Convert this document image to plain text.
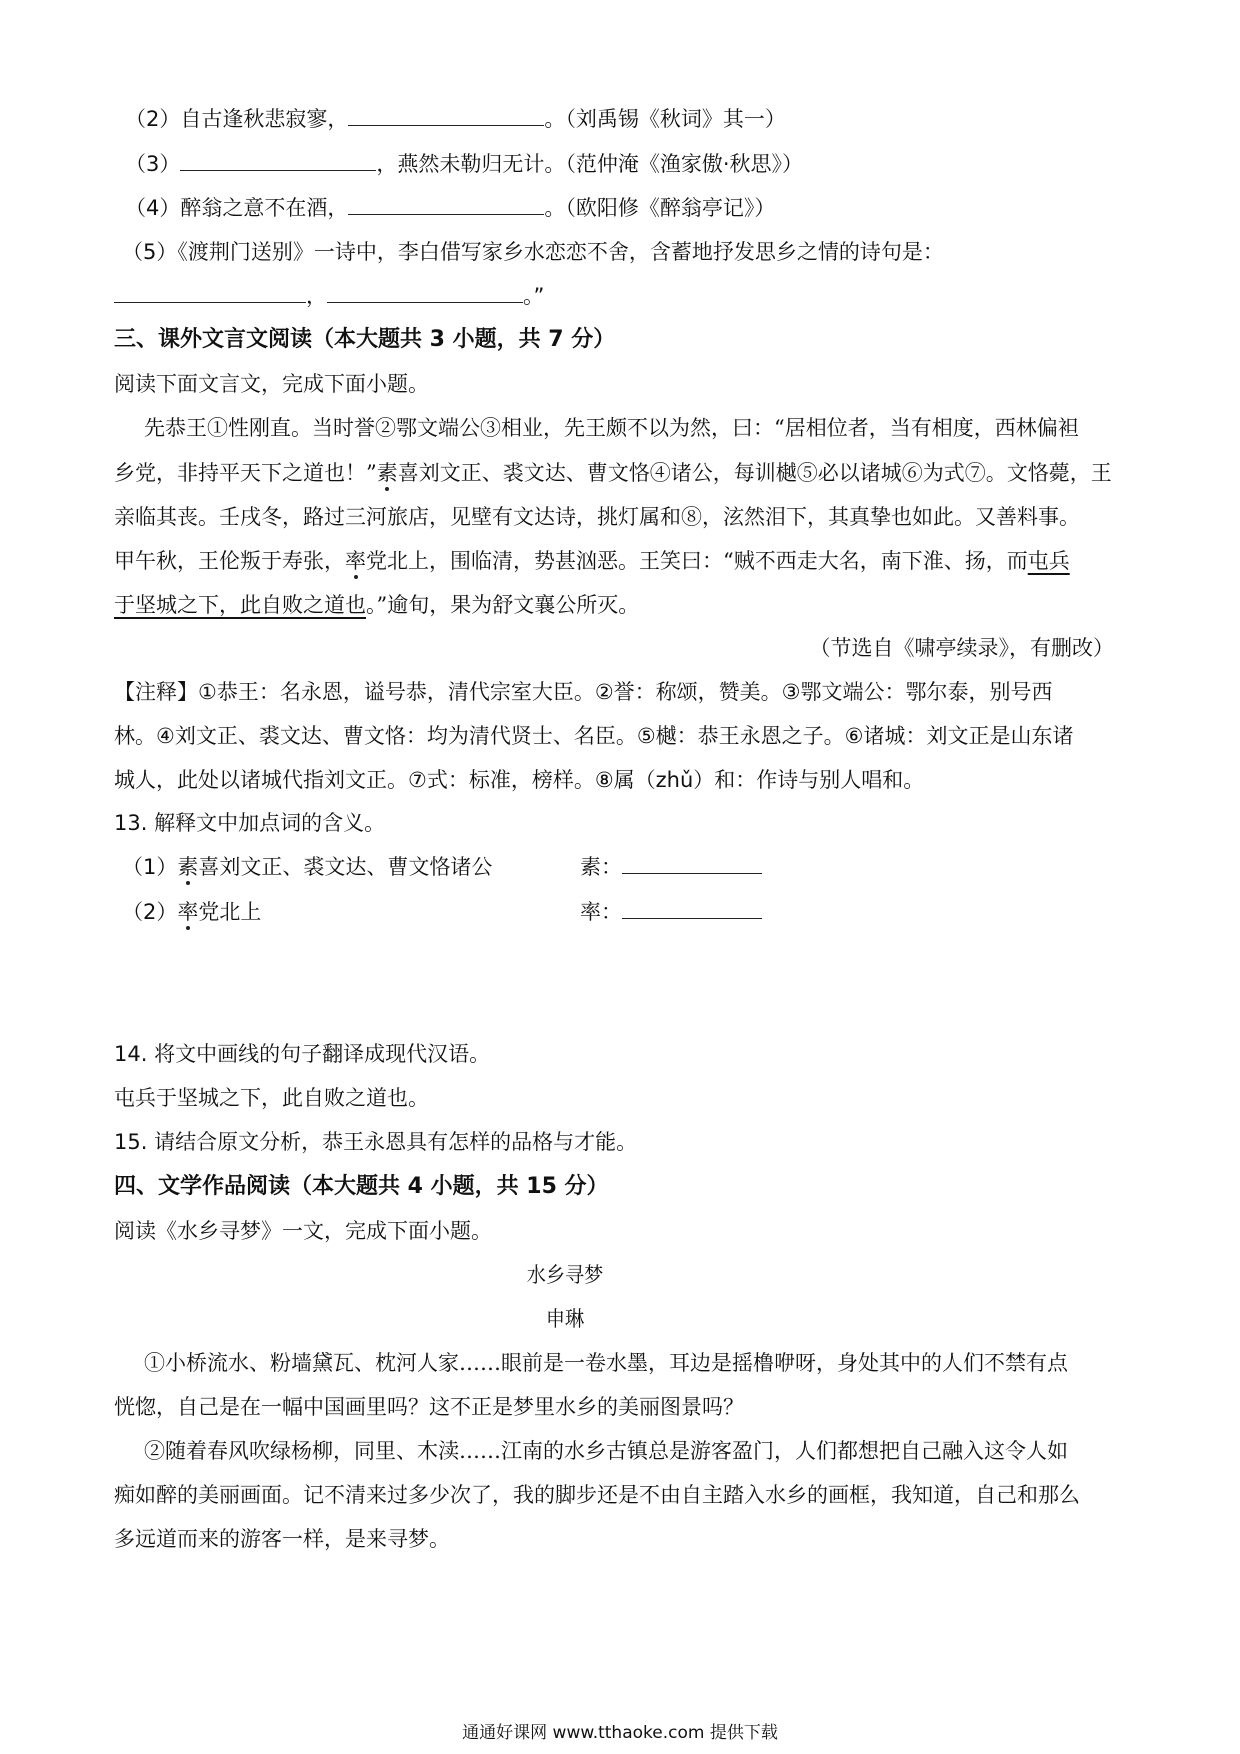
（2）自古逢秋悲寂寥，	。（刘禹锡《秋词》其一）
（3）	，燕然未勒归无计。（范仲淹《渔家傲·秋思》）
（4）醉翁之意不在酒，	。（欧阳修《醉翁亭记》）
（5）《渡荆门送别》一诗中，李白借写家乡水恋恋不舍，含蓄地抒发思乡之情的诗句是：
，	。”
三、课外文言文阅读（本大题共 3 小题，共 7 分）
阅读下面文言文，完成下面小题。
先恭王①性刚直。当时誉②鄂文端公③相业，先王颇不以为然，曰：“居相位者，当有相度，西林偏袒
乡党，非持平天下之道也！”素喜刘文正、裘文达、曹文恪④诸公，每训樾⑤必以诸城⑥为式⑦。文恪薨，王
亲临其丧。壬戌冬，路过三河旅店，见壁有文达诗，挑灯属和⑧，泫然泪下，其真挚也如此。又善料事。
甲午秋，王伦叛于寿张，率党北上，围临清，势甚汹恶。王笑曰：“贼不西走大名，南下淮、扬，而屯兵
于坚城之下，此自败之道也。”逾旬，果为舒文襄公所灭。
（节选自《啸亭续录》，有删改）
【注释】①恭王：名永恩，谥号恭，清代宗室大臣。②誉：称颂，赞美。③鄂文端公：鄂尔泰，别号西
林。④刘文正、裘文达、曹文恪：均为清代贤士、名臣。⑤樾：恭王永恩之子。⑥诸城：刘文正是山东诸
城人，此处以诸城代指刘文正。⑦式：标准，榜样。⑧属（zhǔ）和：作诗与别人唱和。
13. 解释文中加点词的含义。
（1）素喜刘文正、裘文达、曹文恪诸公	素：
（2）率党北上	率：
14. 将文中画线的句子翻译成现代汉语。
屯兵于坚城之下，此自败之道也。
15. 请结合原文分析，恭王永恩具有怎样的品格与才能。
四、文学作品阅读（本大题共 4 小题，共 15 分）
阅读《水乡寻梦》一文，完成下面小题。
水乡寻梦
申琳
①小桥流水、粉墙黛瓦、枕河人家……眼前是一卷水墨，耳边是摇橹咿呀，身处其中的人们不禁有点
恍惚，自己是在一幅中国画里吗？这不正是梦里水乡的美丽图景吗？
②随着春风吹绿杨柳，同里、木渎……江南的水乡古镇总是游客盈门，人们都想把自己融入这令人如
痴如醉的美丽画面。记不清来过多少次了，我的脚步还是不由自主踏入水乡的画框，我知道，自己和那么
多远道而来的游客一样，是来寻梦。
通通好课网 www.tthaoke.com 提供下载
